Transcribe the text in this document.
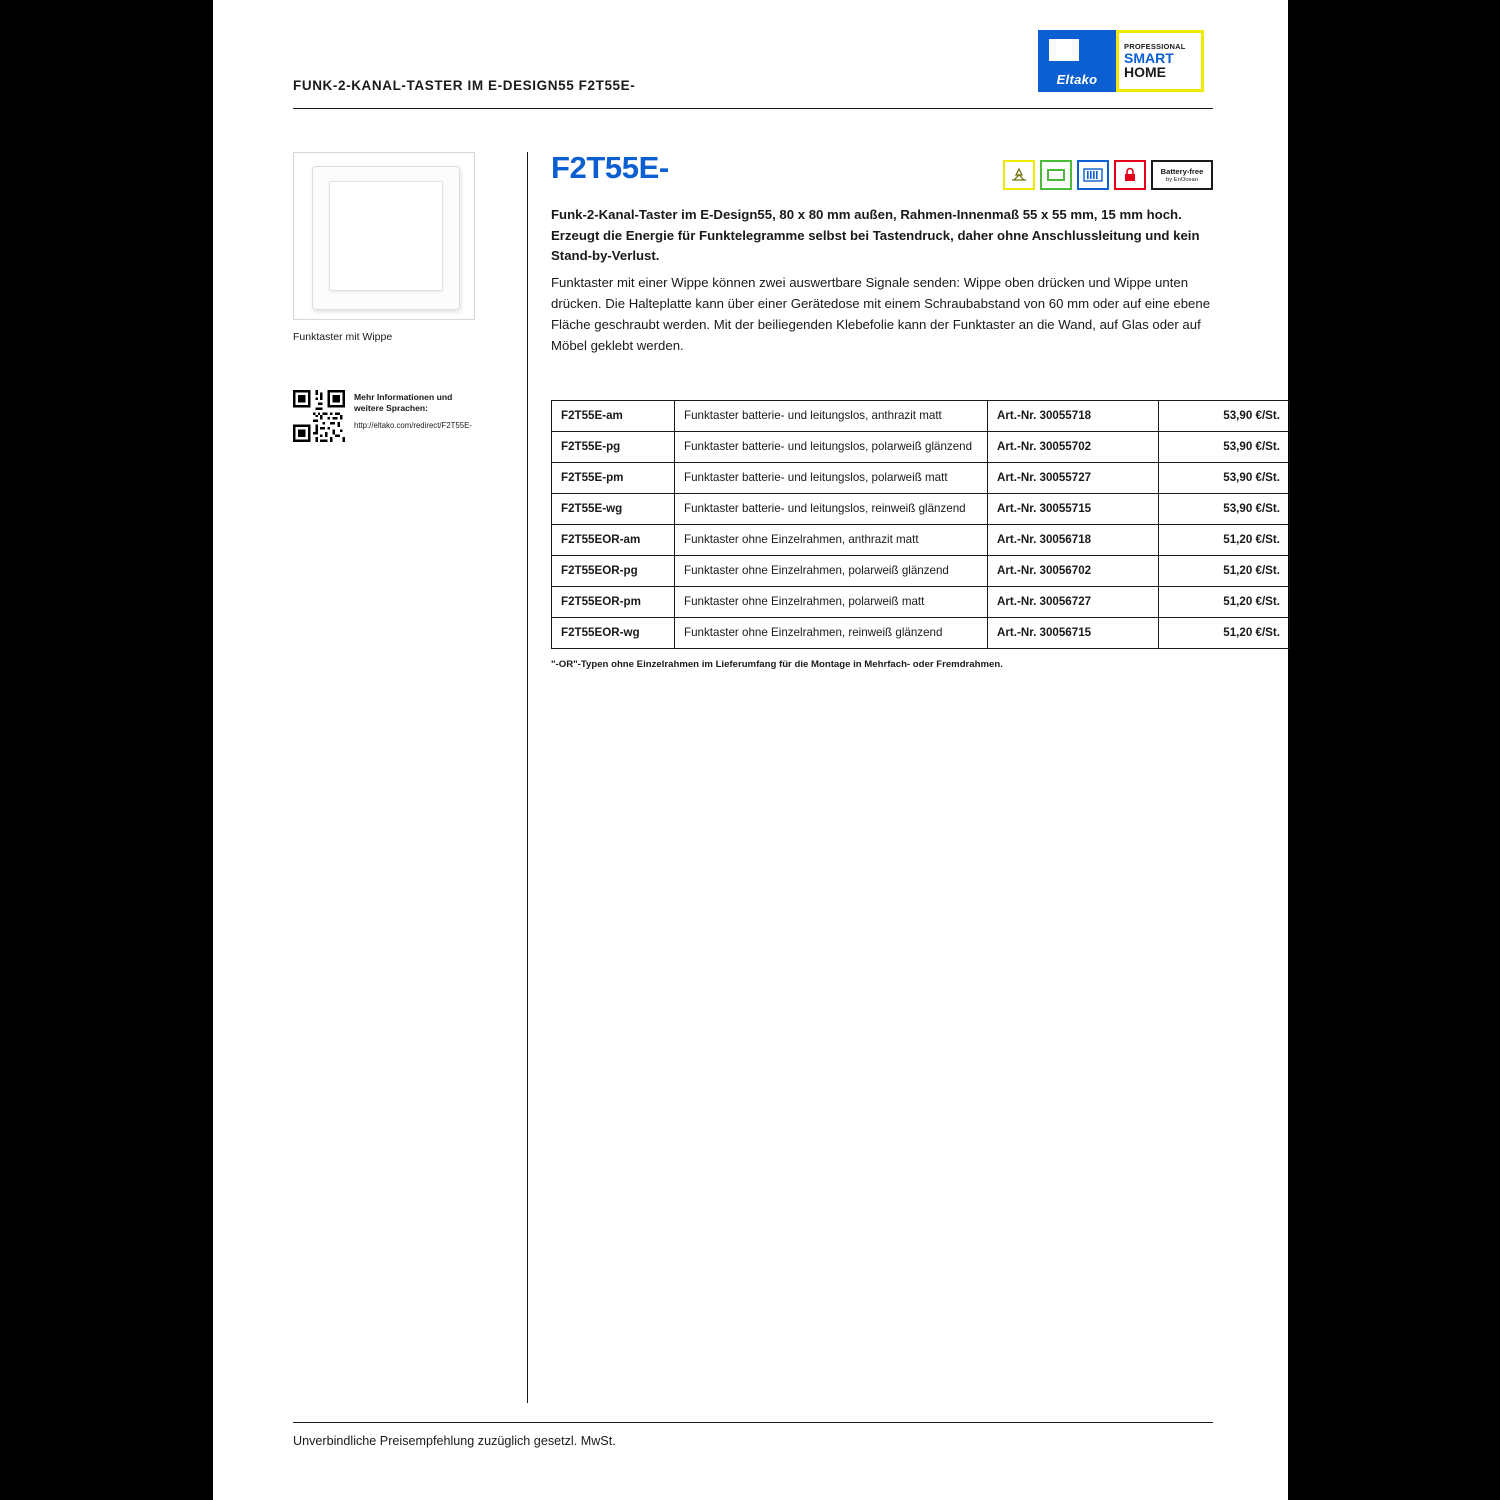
FUNK-2-KANAL-TASTER IM E-DESIGN55 F2T55E-	Eltako
PROFESSIONAL
SMART
HOME
Funktaster mit Wippe
Mehr Informationen und
weitere Sprachen:
http://eltako.com/redirect/F2T55E-
F2T55E-	Battery-free
by EnOcean
Funk-2-Kanal-Taster im E-Design55, 80 x 80 mm außen, Rahmen-Innenmaß 55 x 55 mm, 15 mm hoch. Erzeugt die Energie für Funktelegramme selbst bei Tastendruck, daher ohne Anschlussleitung und kein Stand-by-Verlust.
Funktaster mit einer Wippe können zwei auswertbare Signale senden: Wippe oben drücken und Wippe unten drücken. Die Halteplatte kann über einer Gerätedose mit einem Schraubabstand von 60 mm oder auf eine ebene Fläche geschraubt werden. Mit der beiliegenden Klebefolie kann der Funktaster an die Wand, auf Glas oder auf Möbel geklebt werden.
F2T55E-am	Funktaster batterie- und leitungslos, anthrazit matt	Art.-Nr. 30055718	53,90 €/St.
F2T55E-pg	Funktaster batterie- und leitungslos, polarweiß glänzend	Art.-Nr. 30055702	53,90 €/St.
F2T55E-pm	Funktaster batterie- und leitungslos, polarweiß matt	Art.-Nr. 30055727	53,90 €/St.
F2T55E-wg	Funktaster batterie- und leitungslos, reinweiß glänzend	Art.-Nr. 30055715	53,90 €/St.
F2T55EOR-am	Funktaster ohne Einzelrahmen, anthrazit matt	Art.-Nr. 30056718	51,20 €/St.
F2T55EOR-pg	Funktaster ohne Einzelrahmen, polarweiß glänzend	Art.-Nr. 30056702	51,20 €/St.
F2T55EOR-pm	Funktaster ohne Einzelrahmen, polarweiß matt	Art.-Nr. 30056727	51,20 €/St.
F2T55EOR-wg	Funktaster ohne Einzelrahmen, reinweiß glänzend	Art.-Nr. 30056715	51,20 €/St.
"-OR"-Typen ohne Einzelrahmen im Lieferumfang für die Montage in Mehrfach- oder Fremdrahmen.
Unverbindliche Preisempfehlung zuzüglich gesetzl. MwSt.
